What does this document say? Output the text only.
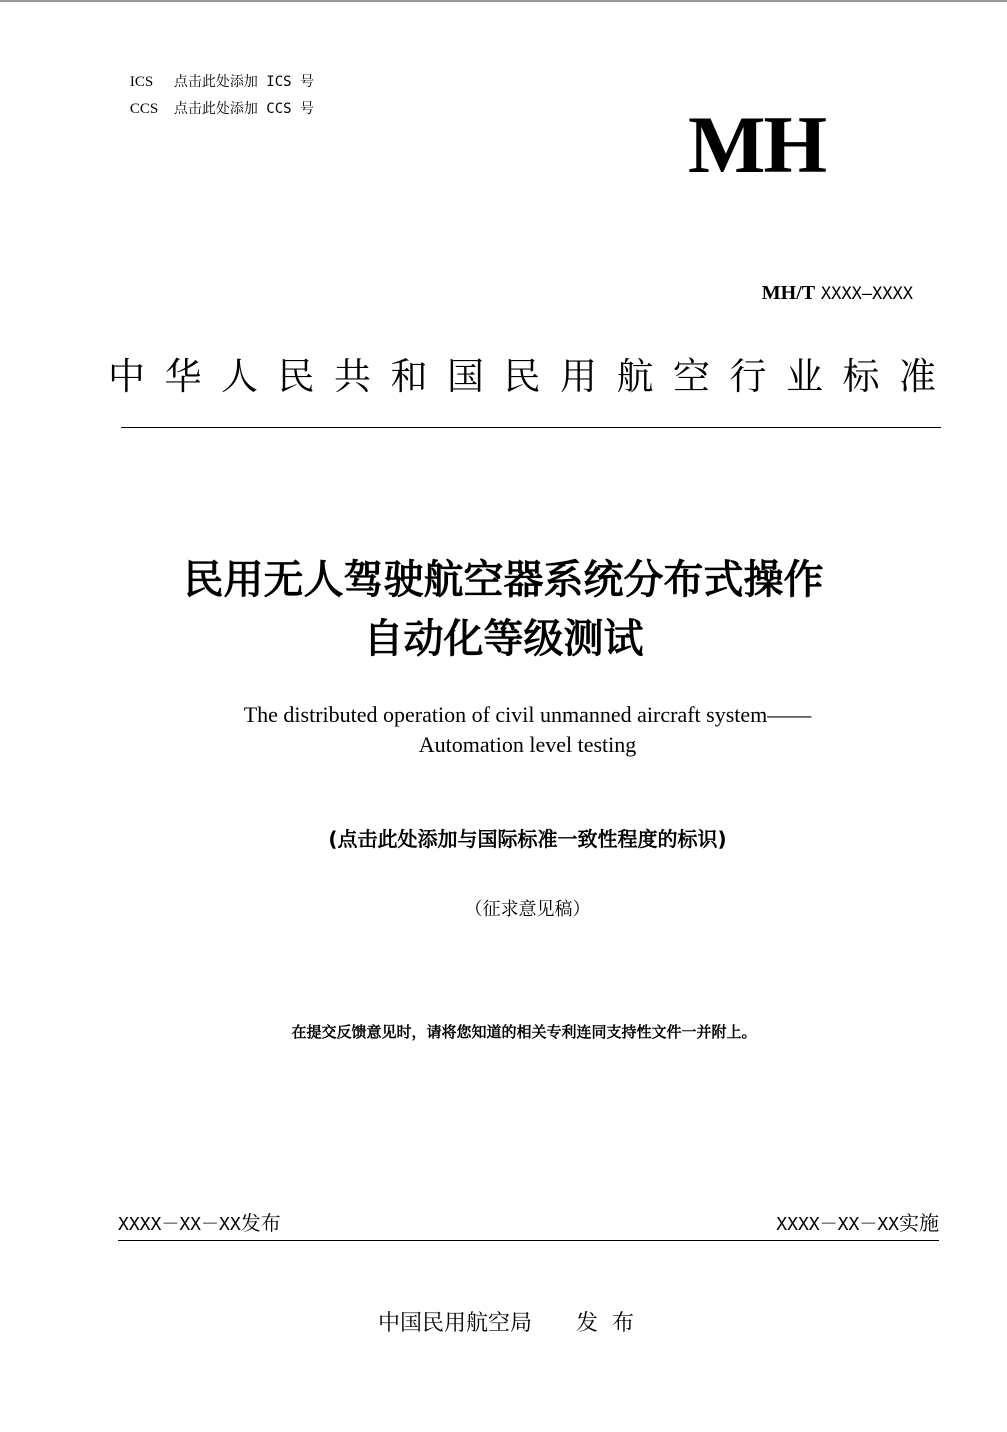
ICS 点击此处添加 ICS 号

CCS 点击此处添加 CCS 号	MH
MH/T XXXX—XXXX
中华人民共和国民用航空行业标准
民用无人驾驶航空器系统分布式操作
自动化等级测试
The distributed operation of civil unmanned aircraft system——
Automation level testing
(点击此处添加与国际标准一致性程度的标识)
（征求意见稿）
在提交反馈意见时，请将您知道的相关专利连同支持性文件一并附上。
XXXX－XX－XX发布	XXXX－XX－XX实施
中国民用航空局 发布
